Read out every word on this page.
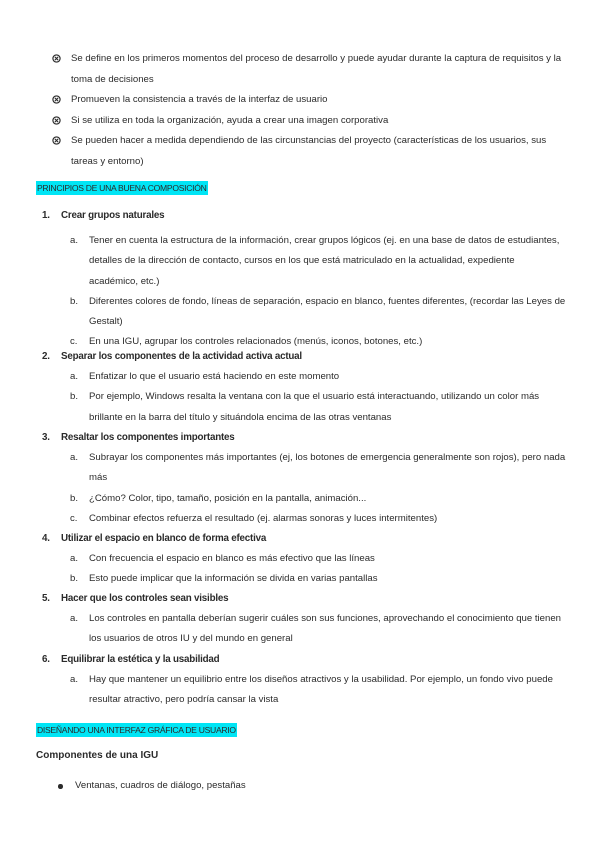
Se define en los primeros momentos del proceso de desarrollo y puede ayudar durante la captura de requisitos y la toma de decisiones
Promueven la consistencia a través de la interfaz de usuario
Si se utiliza en toda la organización, ayuda a crear una imagen corporativa
Se pueden hacer a medida dependiendo de las circunstancias del proyecto (características de los usuarios, sus tareas y entorno)
PRINCIPIOS DE UNA BUENA COMPOSICIÓN
1. Crear grupos naturales
a. Tener en cuenta la estructura de la información, crear grupos lógicos (ej. en una base de datos de estudiantes, detalles de la dirección de contacto, cursos en los que está matriculado en la actualidad, expediente académico, etc.)
b. Diferentes colores de fondo, líneas de separación, espacio en blanco, fuentes diferentes, (recordar las Leyes de Gestalt)
c. En una IGU, agrupar los controles relacionados (menús, iconos, botones, etc.)
2. Separar los componentes de la actividad activa actual
a. Enfatizar lo que el usuario está haciendo en este momento
b. Por ejemplo, Windows resalta la ventana con la que el usuario está interactuando, utilizando un color más brillante en la barra del título y situándola encima de las otras ventanas
3. Resaltar los componentes importantes
a. Subrayar los componentes más importantes (ej, los botones de emergencia generalmente son rojos), pero nada más
b. ¿Cómo? Color, tipo, tamaño, posición en la pantalla, animación...
c. Combinar efectos refuerza el resultado (ej. alarmas sonoras y luces intermitentes)
4. Utilizar el espacio en blanco de forma efectiva
a. Con frecuencia el espacio en blanco es más efectivo que las líneas
b. Esto puede implicar que la información se divida en varias pantallas
5. Hacer que los controles sean visibles
a. Los controles en pantalla deberían sugerir cuáles son sus funciones, aprovechando el conocimiento que tienen los usuarios de otros IU y del mundo en general
6. Equilibrar la estética y la usabilidad
a. Hay que mantener un equilibrio entre los diseños atractivos y la usabilidad. Por ejemplo, un fondo vivo puede resultar atractivo, pero podría cansar la vista
DISEÑANDO UNA INTERFAZ GRÁFICA DE USUARIO
Componentes de una IGU
Ventanas, cuadros de diálogo, pestañas
